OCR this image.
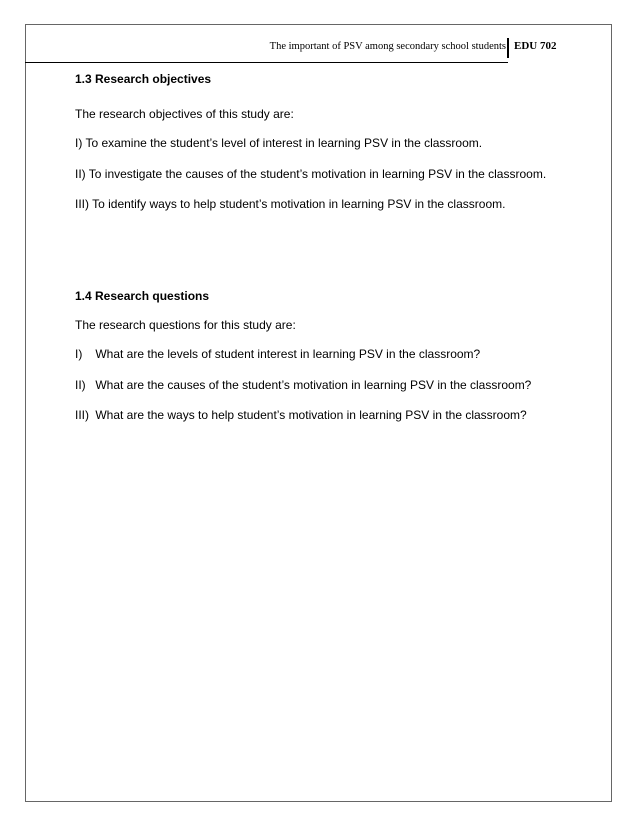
The important of PSV among secondary school students EDU 702
1.3 Research objectives
The research objectives of this study are:
I) To examine the student’s level of interest in learning PSV in the classroom.
II) To investigate the causes of the student’s motivation in learning PSV in the classroom.
III) To identify ways to help student’s motivation in learning PSV in the classroom.
1.4 Research questions
The research questions for this study are:
I) What are the levels of student interest in learning PSV in the classroom?
II) What are the causes of the student’s motivation in learning PSV in the classroom?
III) What are the ways to help student’s motivation in learning PSV in the classroom?
